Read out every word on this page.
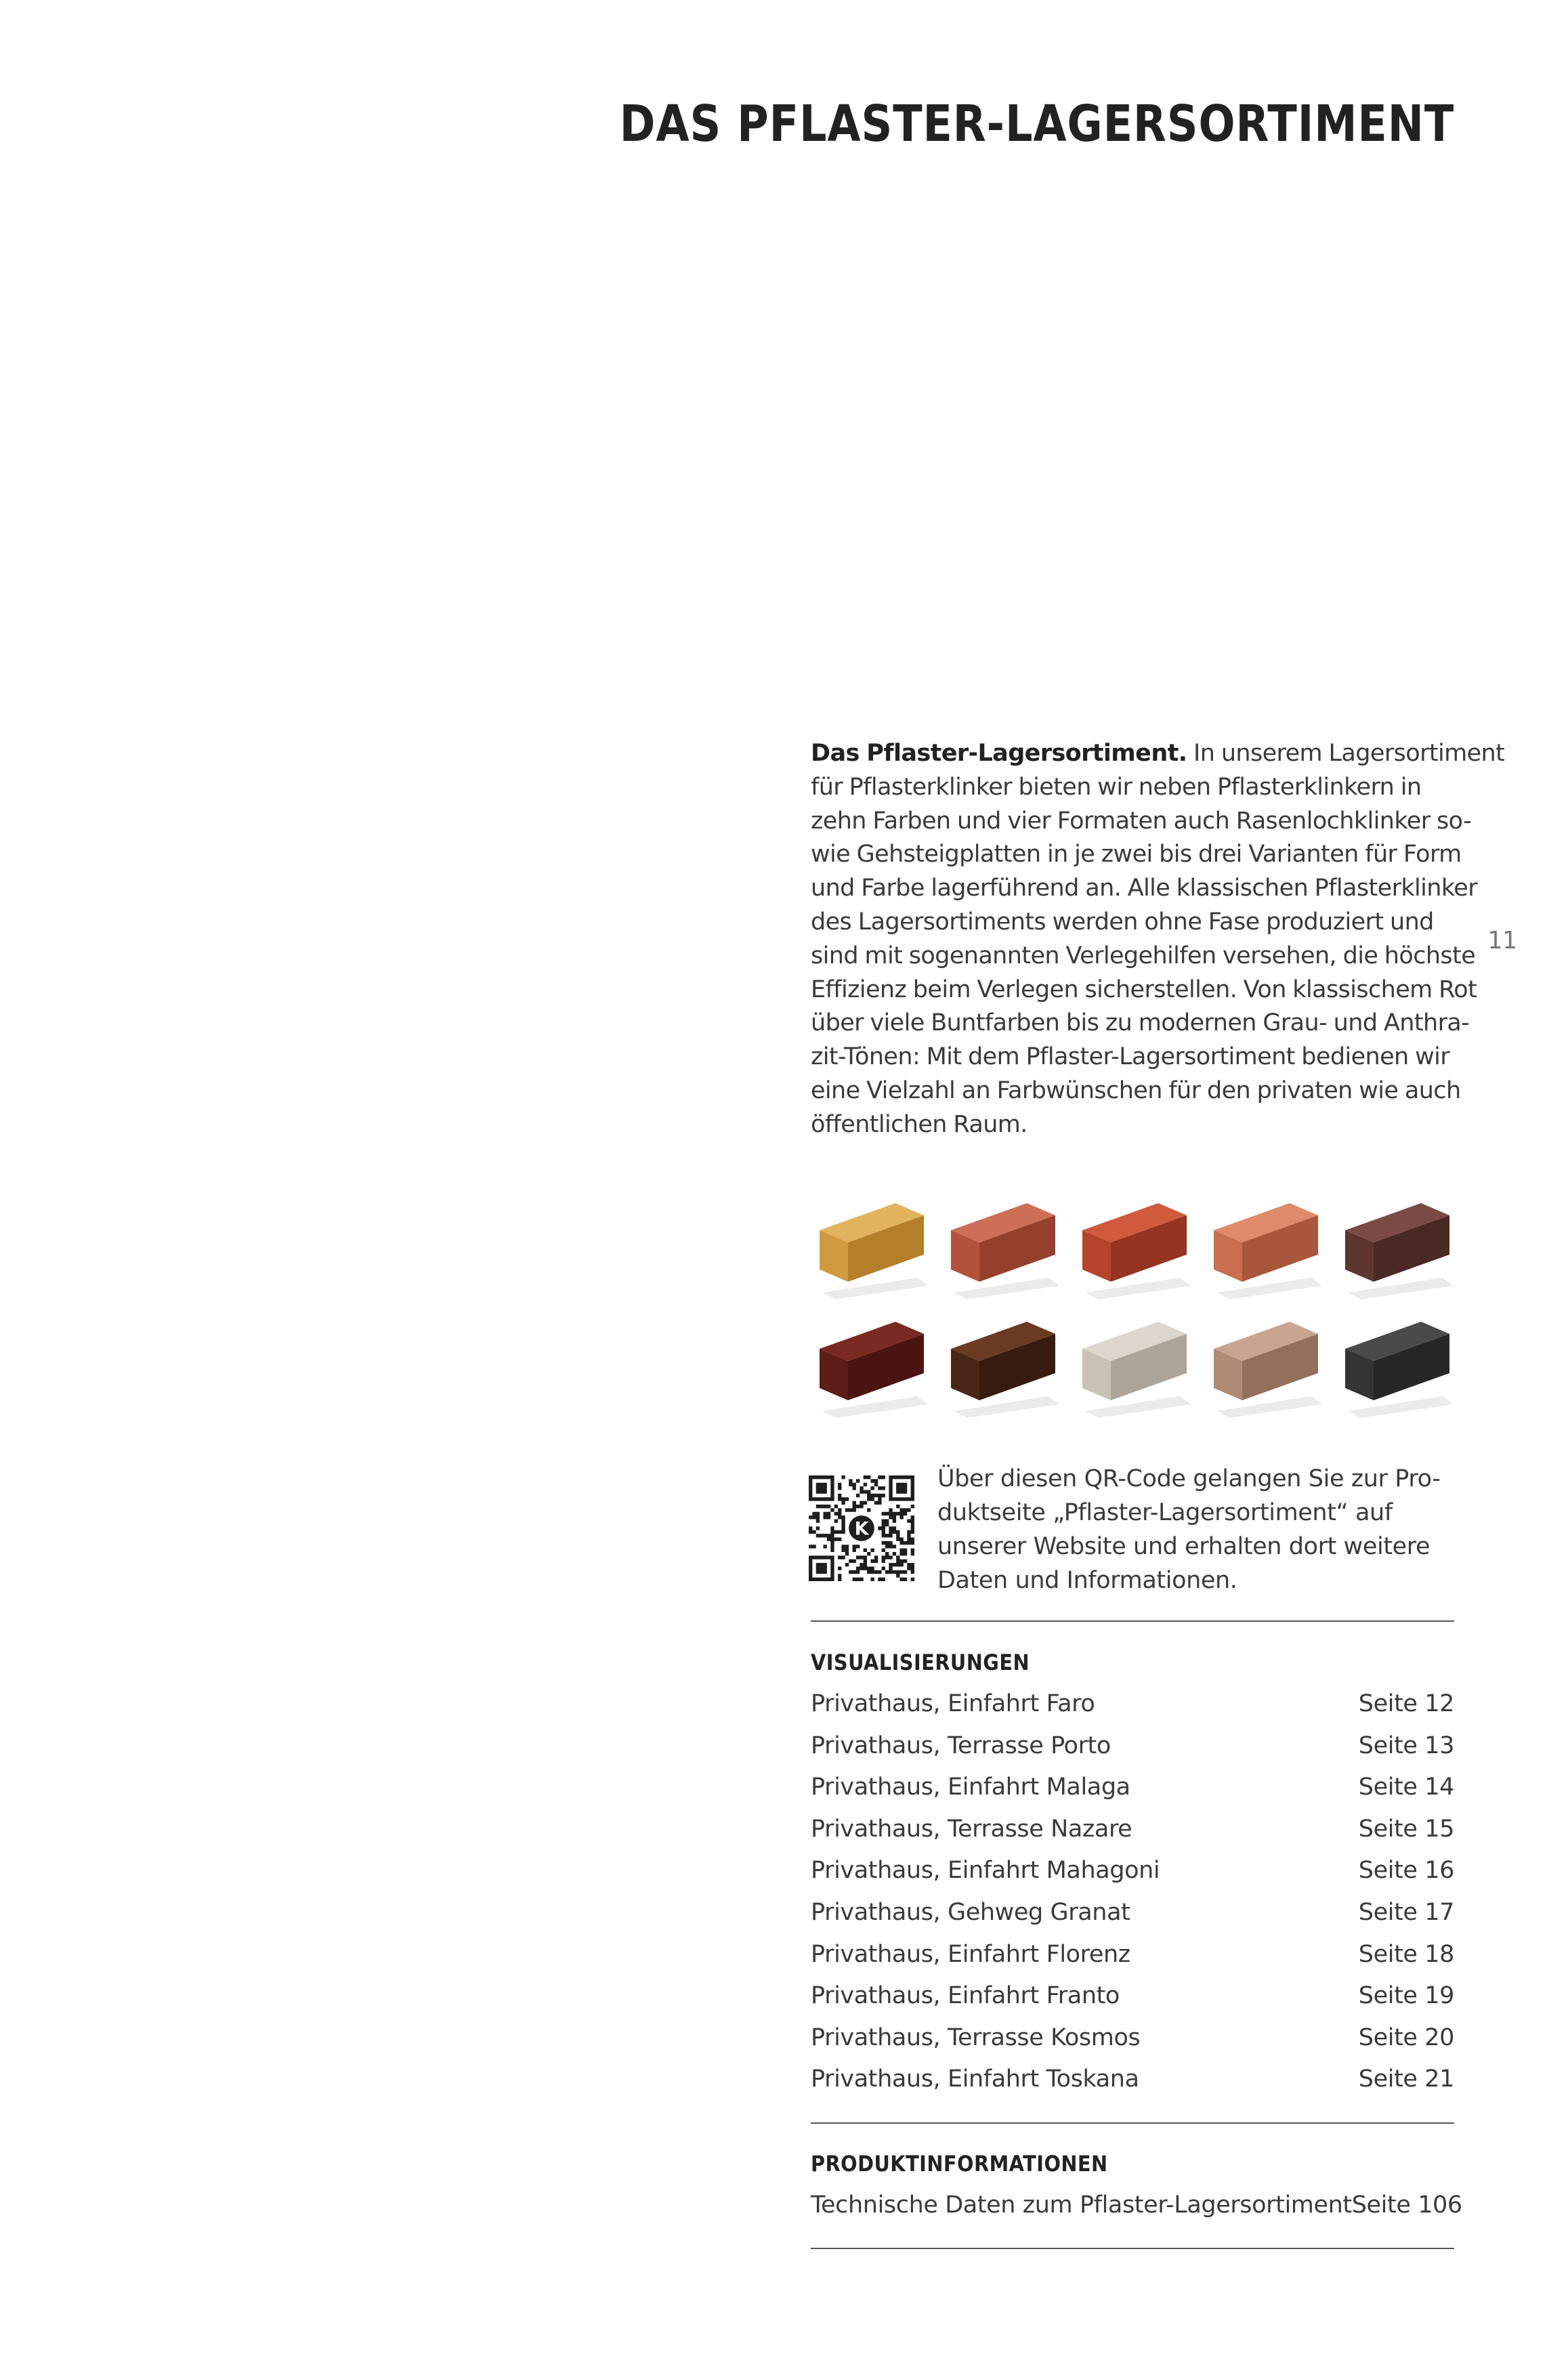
DAS PFLASTER-LAGERSORTIMENT
11

Das Pflaster-Lagersortiment. In unserem Lagersortiment
für Pflasterklinker bieten wir neben Pflasterklinkern in
zehn Farben und vier Formaten auch Rasenlochklinker so-
wie Gehsteigplatten in je zwei bis drei Varianten für Form
und Farbe lagerführend an. Alle klassischen Pflasterklinker
des Lagersortiments werden ohne Fase produziert und
sind mit sogenannten Verlegehilfen versehen, die höchste
Effizienz beim Verlegen sicherstellen. Von klassischem Rot
über viele Buntfarben bis zu modernen Grau- und Anthra-
zit-Tönen: Mit dem Pflaster-Lagersortiment bedienen wir
eine Vielzahl an Farbwünschen für den privaten wie auch
öffentlichen Raum.

K

Über diesen QR-Code gelangen Sie zur Pro-
duktseite „Pflaster-Lagersortiment“ auf
unserer Website und erhalten dort weitere
Daten und Informationen.

VISUALISIERUNGEN
Privathaus, Einfahrt Faro	Seite 12
Privathaus, Terrasse Porto	Seite 13
Privathaus, Einfahrt Malaga	Seite 14
Privathaus, Terrasse Nazare	Seite 15
Privathaus, Einfahrt Mahagoni	Seite 16
Privathaus, Gehweg Granat	Seite 17
Privathaus, Einfahrt Florenz	Seite 18
Privathaus, Einfahrt Franto	Seite 19
Privathaus, Terrasse Kosmos	Seite 20
Privathaus, Einfahrt Toskana	Seite 21
PRODUKTINFORMATIONEN
Technische Daten zum Pflaster-Lagersortiment Seite 106
